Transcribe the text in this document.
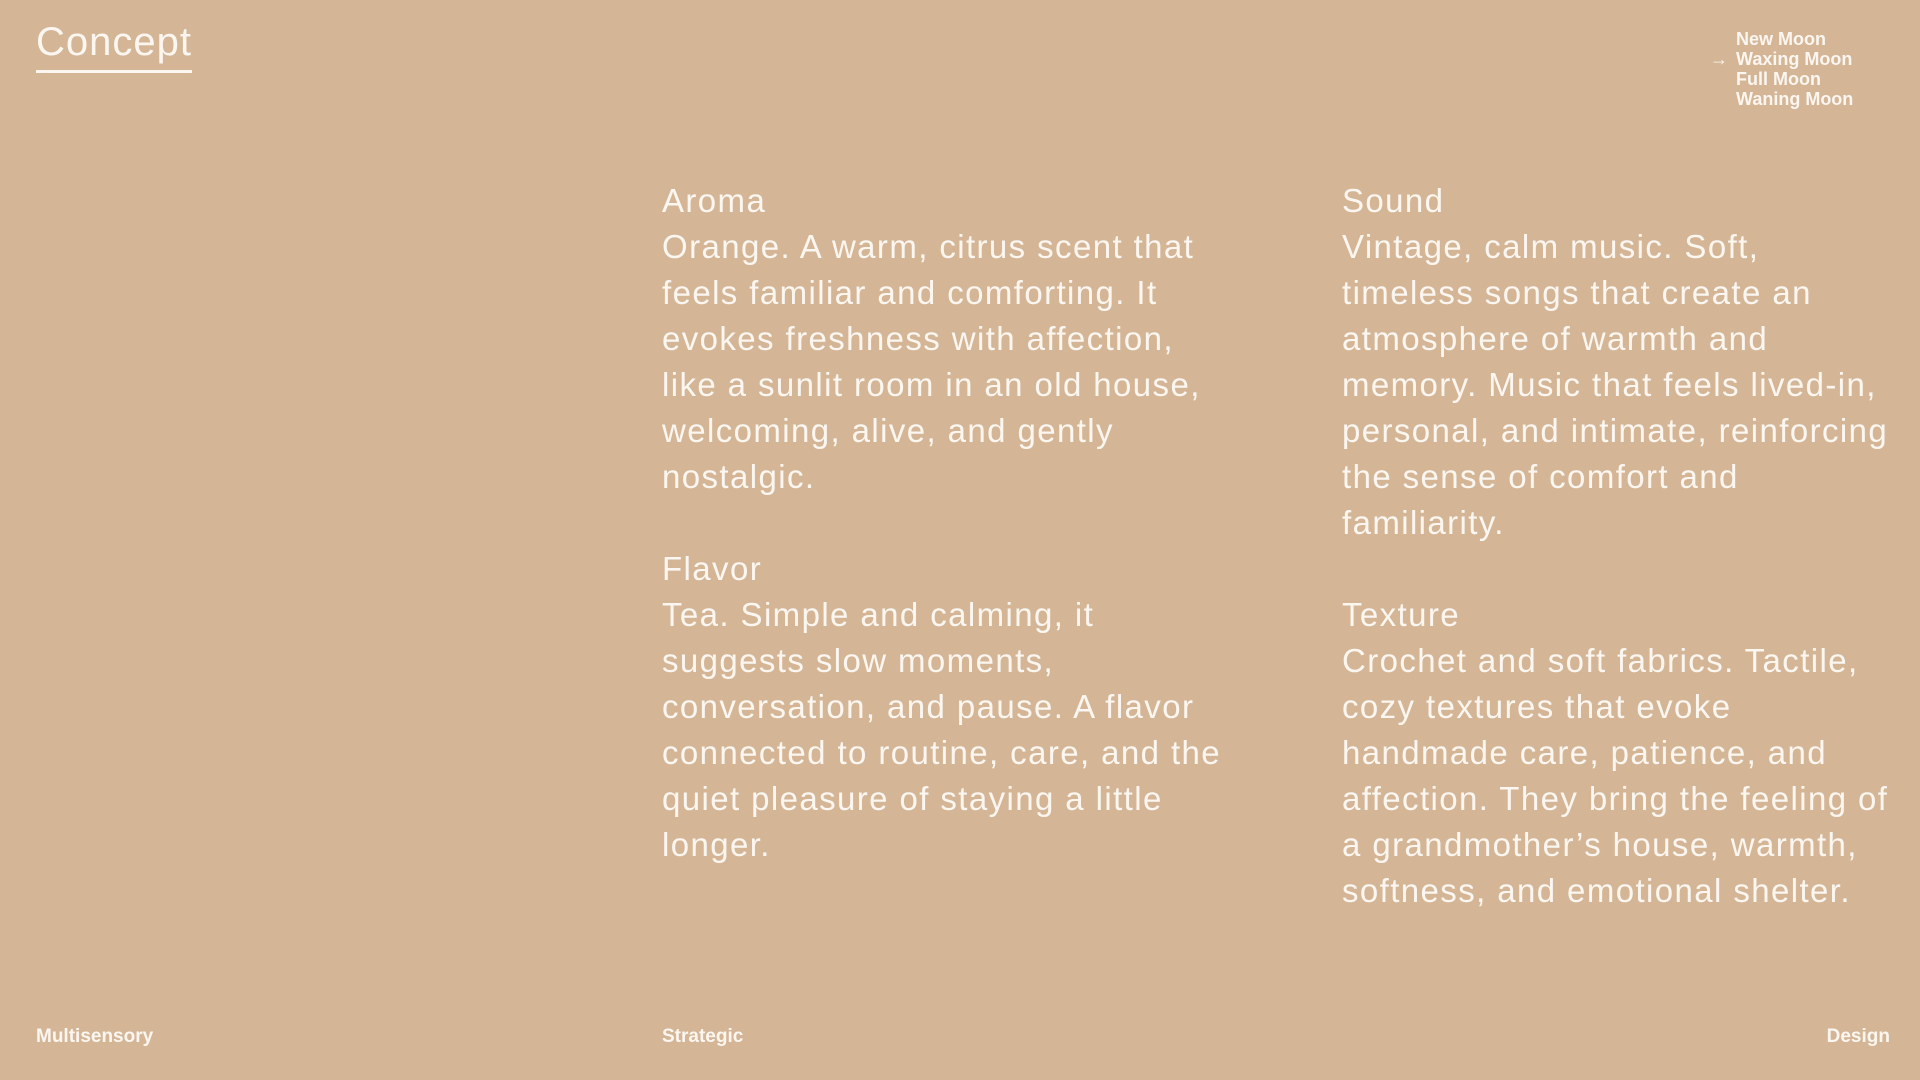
Concept	New Moon
→ Waxing Moon
Full Moon
Waning Moon
Aroma

Orange. A warm, citrus scent that feels familiar and comforting. It evokes freshness with affection, like a sunlit room in an old house, welcoming, alive, and gently nostalgic.

Flavor

Tea. Simple and calming, it suggests slow moments, conversation, and pause. A flavor connected to routine, care, and the quiet pleasure of staying a little longer.

Sound

Vintage, calm music. Soft, timeless songs that create an atmosphere of warmth and memory. Music that feels lived-in, personal, and intimate, reinforcing the sense of comfort and familiarity.

Texture

Crochet and soft fabrics. Tactile, cozy textures that evoke handmade care, patience, and affection. They bring the feeling of a grandmother’s house, warmth, softness, and emotional shelter.

Multisensory	Strategic	Design
